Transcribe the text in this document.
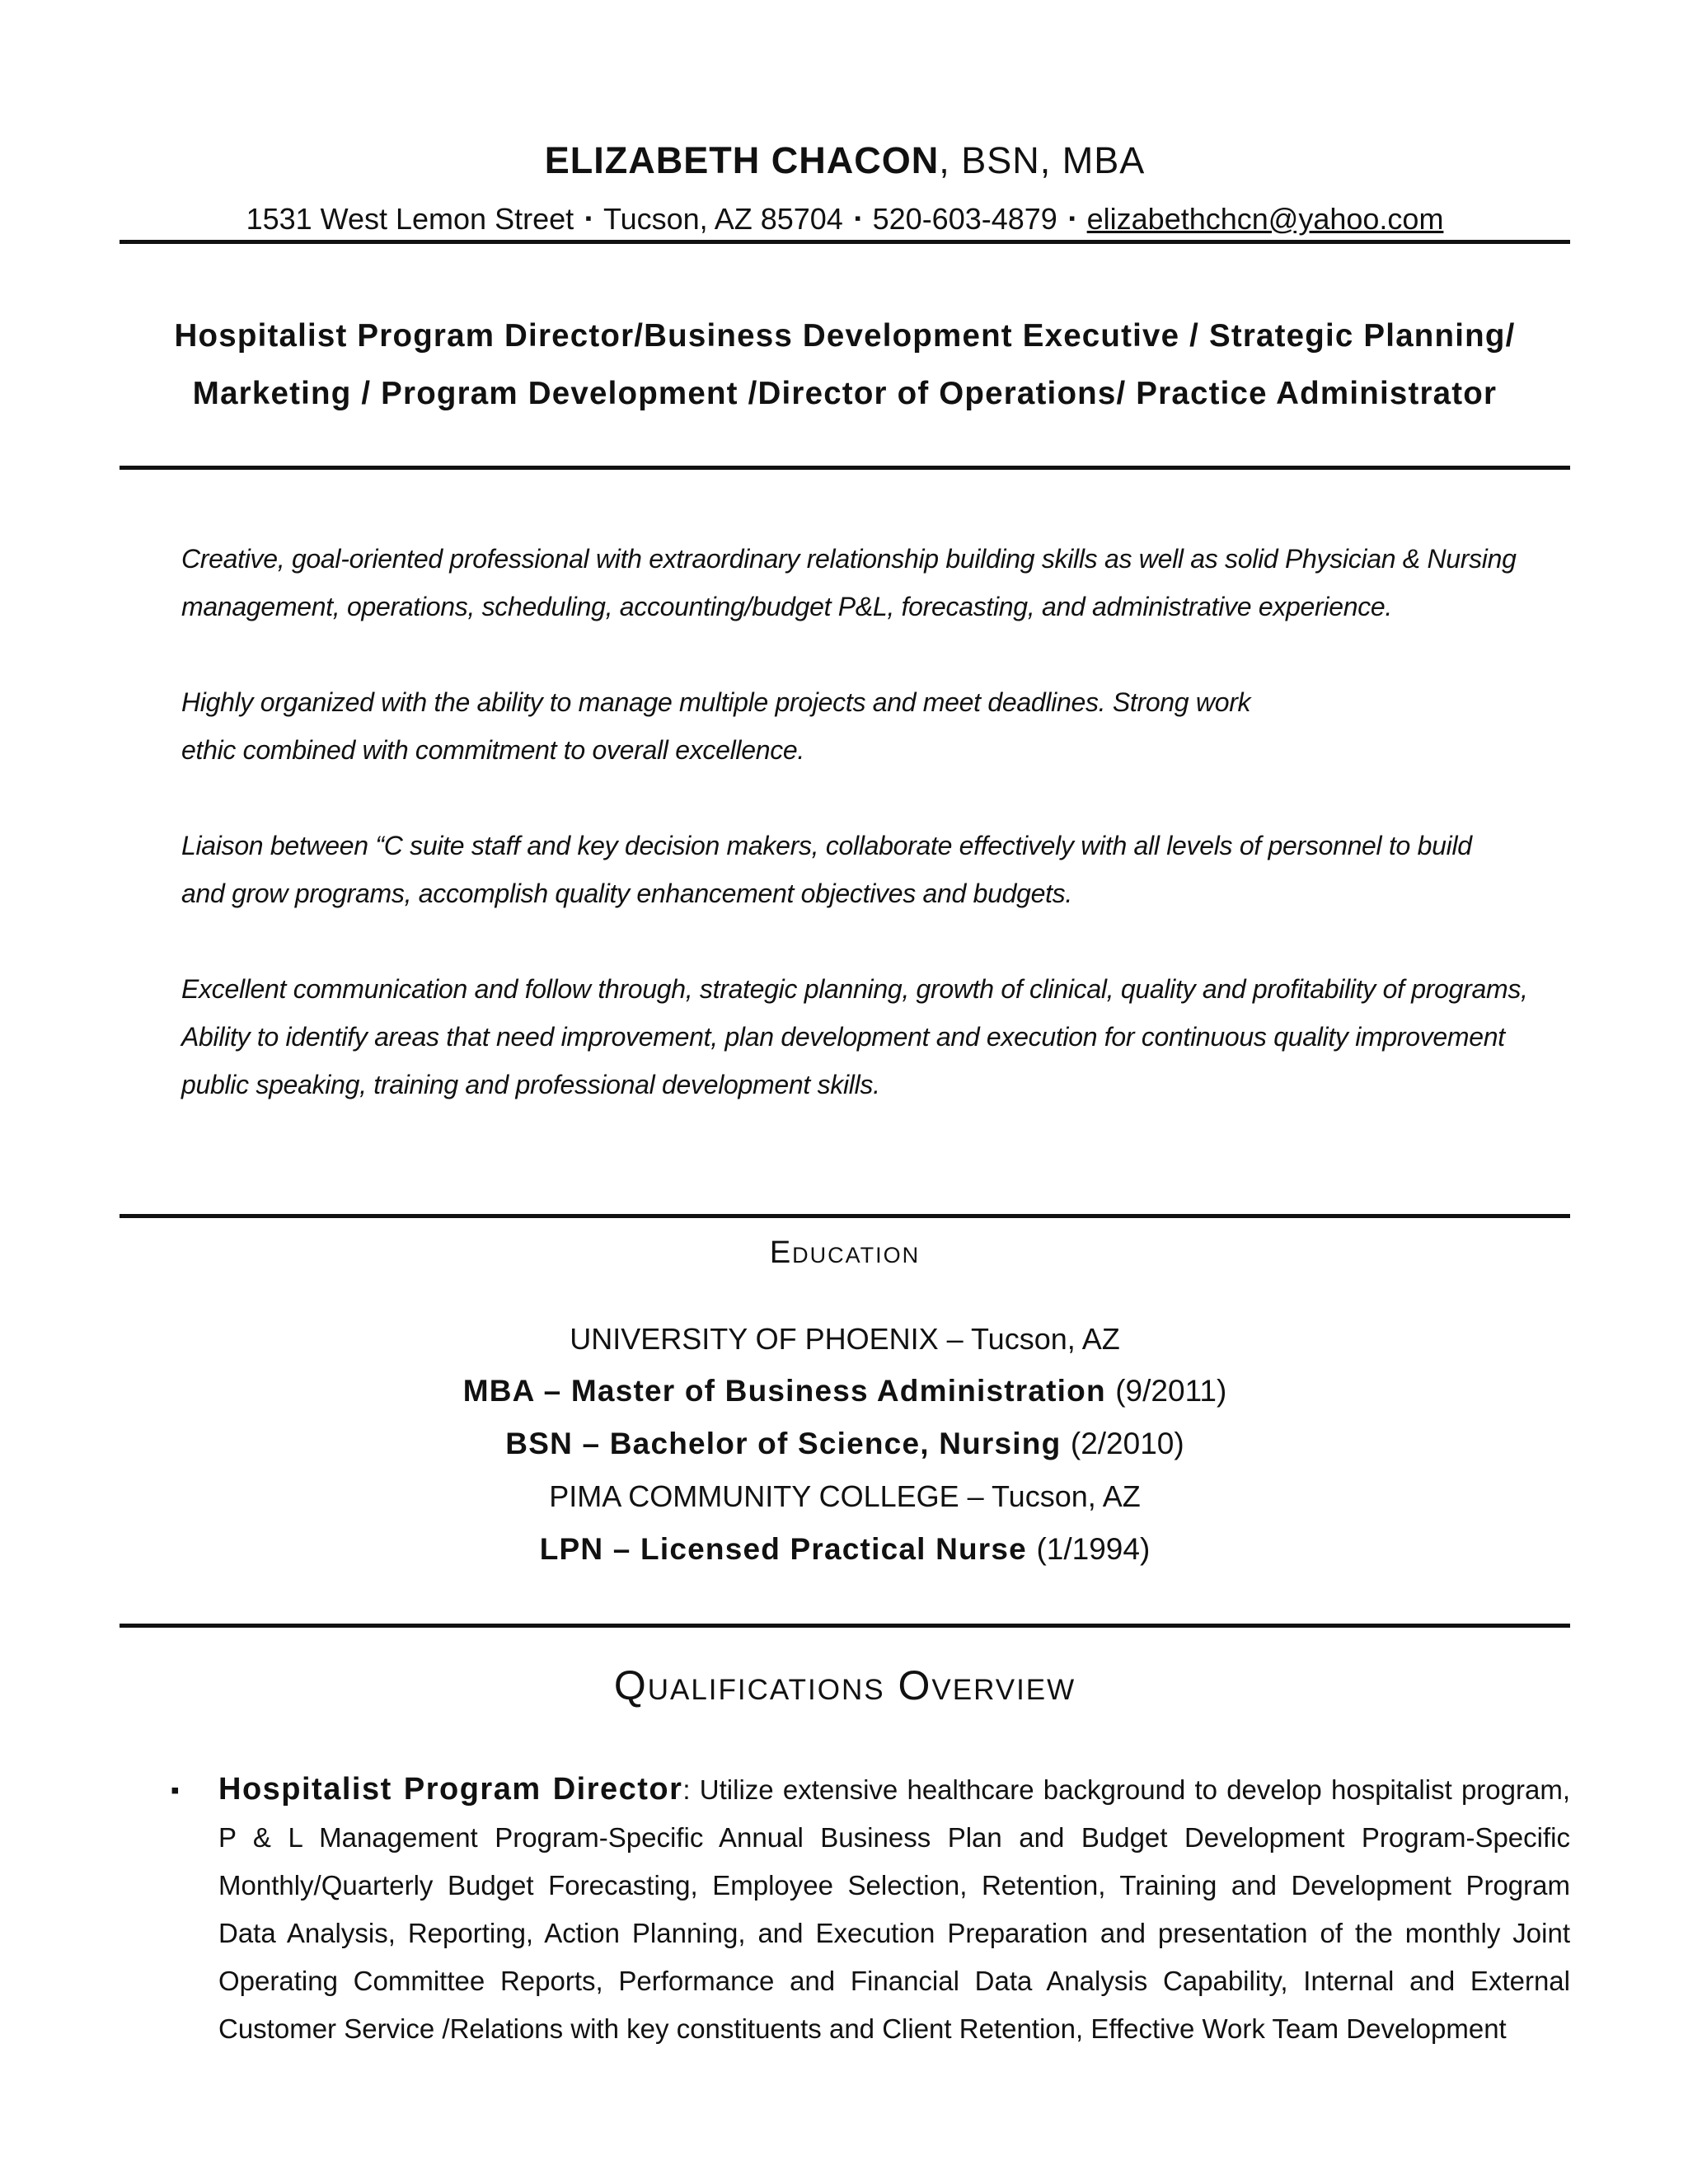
ELIZABETH CHACON, BSN, MBA
1531 West Lemon Street ▪ Tucson, AZ 85704 ▪ 520-603-4879 ▪ elizabethchcn@yahoo.com
Hospitalist Program Director/Business Development Executive / Strategic Planning/
Marketing / Program Development /Director of Operations/ Practice Administrator

Creative, goal-oriented professional with extraordinary relationship building skills as well as solid Physician & Nursing management, operations, scheduling, accounting/budget P&L, forecasting, and administrative experience.

Highly organized with the ability to manage multiple projects and meet deadlines. Strong work ethic combined with commitment to overall excellence.

Liaison between “C suite staff and key decision makers, collaborate effectively with all levels of personnel to build and grow programs, accomplish quality enhancement objectives and budgets.

Excellent communication and follow through, strategic planning, growth of clinical, quality and profitability of programs, Ability to identify areas that need improvement, plan development and execution for continuous quality improvement public speaking, training and professional development skills.

Education
UNIVERSITY OF PHOENIX – Tucson, AZ
MBA – Master of Business Administration (9/2011)
BSN – Bachelor of Science, Nursing (2/2010)
PIMA COMMUNITY COLLEGE – Tucson, AZ
LPN – Licensed Practical Nurse (1/1994)
Qualifications Overview
▪ Hospitalist Program Director: Utilize extensive healthcare background to develop hospitalist program, P & L Management Program-Specific Annual Business Plan and Budget Development Program-Specific Monthly/Quarterly Budget Forecasting, Employee Selection, Retention, Training and Development Program Data Analysis, Reporting, Action Planning, and Execution Preparation and presentation of the monthly Joint Operating Committee Reports, Performance and Financial Data Analysis Capability, Internal and External Customer Service /Relations with key constituents and Client Retention, Effective Work Team Development
